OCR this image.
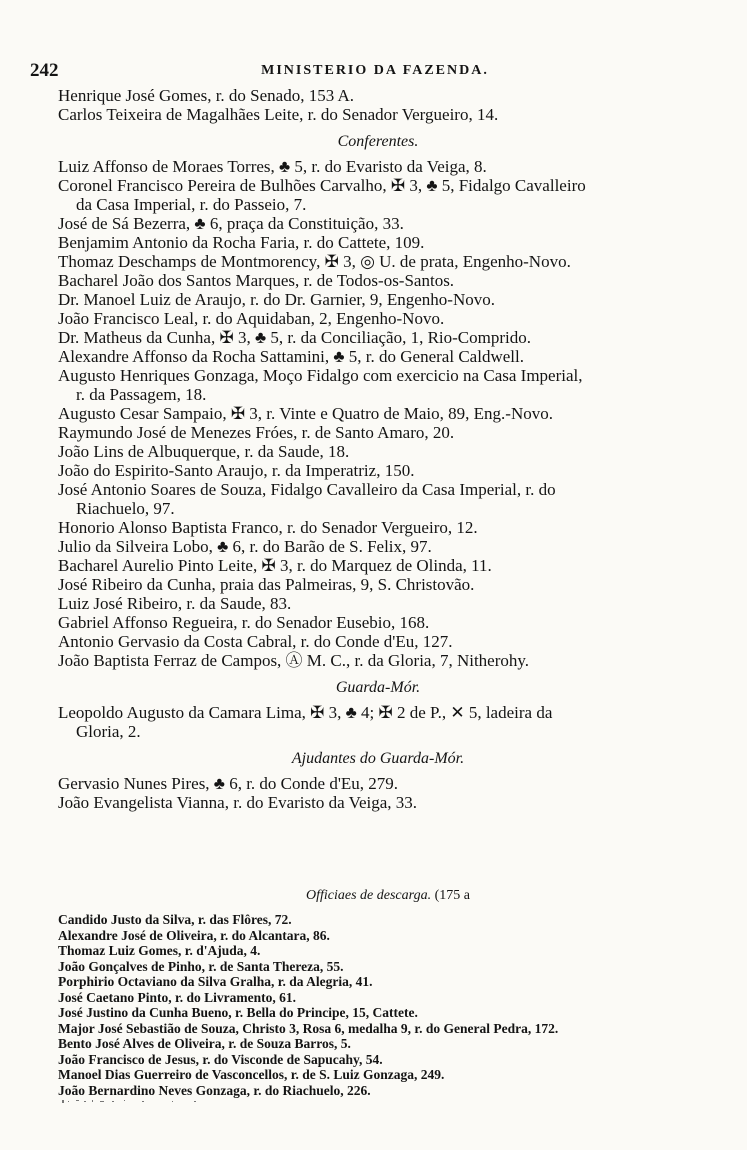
242	MINISTERIO DA FAZENDA.
Henrique José Gomes, r. do Senado, 153 A.
Carlos Teixeira de Magalhães Leite, r. do Senador Vergueiro, 14.
Conferentes.
Luiz Affonso de Moraes Torres, ♣ 5, r. do Evaristo da Veiga, 8.
Coronel Francisco Pereira de Bulhões Carvalho, ✠ 3, ♣ 5, Fidalgo Cavalleiro
da Casa Imperial, r. do Passeio, 7.
José de Sá Bezerra, ♣ 6, praça da Constituição, 33.
Benjamim Antonio da Rocha Faria, r. do Cattete, 109.
Thomaz Deschamps de Montmorency, ✠ 3, ◎ U. de prata, Engenho-Novo.
Bacharel João dos Santos Marques, r. de Todos-os-Santos.
Dr. Manoel Luiz de Araujo, r. do Dr. Garnier, 9, Engenho-Novo.
João Francisco Leal, r. do Aquidaban, 2, Engenho-Novo.
Dr. Matheus da Cunha, ✠ 3, ♣ 5, r. da Conciliação, 1, Rio-Comprido.
Alexandre Affonso da Rocha Sattamini, ♣ 5, r. do General Caldwell.
Augusto Henriques Gonzaga, Moço Fidalgo com exercicio na Casa Imperial,
r. da Passagem, 18.
Augusto Cesar Sampaio, ✠ 3, r. Vinte e Quatro de Maio, 89, Eng.-Novo.
Raymundo José de Menezes Fróes, r. de Santo Amaro, 20.
João Lins de Albuquerque, r. da Saude, 18.
João do Espirito-Santo Araujo, r. da Imperatriz, 150.
José Antonio Soares de Souza, Fidalgo Cavalleiro da Casa Imperial, r. do
Riachuelo, 97.
Honorio Alonso Baptista Franco, r. do Senador Vergueiro, 12.
Julio da Silveira Lobo, ♣ 6, r. do Barão de S. Felix, 97.
Bacharel Aurelio Pinto Leite, ✠ 3, r. do Marquez de Olinda, 11.
José Ribeiro da Cunha, praia das Palmeiras, 9, S. Christovão.
Luiz José Ribeiro, r. da Saude, 83.
Gabriel Affonso Regueira, r. do Senador Eusebio, 168.
Antonio Gervasio da Costa Cabral, r. do Conde d'Eu, 127.
João Baptista Ferraz de Campos, Ⓐ M. C., r. da Gloria, 7, Nitherohy.
Guarda-Mór.
Leopoldo Augusto da Camara Lima, ✠ 3, ♣ 4; ✠ 2 de P., ✕ 5, ladeira da
Gloria, 2.
Ajudantes do Guarda-Mór.
Gervasio Nunes Pires, ♣ 6, r. do Conde d'Eu, 279.
João Evangelista Vianna, r. do Evaristo da Veiga, 33.
Officiaes de descarga. (175 a
Candido Justo da Silva, r. das Flôres, 72.
Alexandre José de Oliveira, r. do Alcantara, 86.
Thomaz Luiz Gomes, r. d'Ajuda, 4.
João Gonçalves de Pinho, r. de Santa Thereza, 55.
Porphirio Octaviano da Silva Gralha, r. da Alegria, 41.
José Caetano Pinto, r. do Livramento, 61.
José Justino da Cunha Bueno, r. Bella do Principe, 15, Cattete.
Major José Sebastião de Souza, Christo 3, Rosa 6, medalha 9, r. do General Pedra, 172.
Bento José Alves de Oliveira, r. de Souza Barros, 5.
João Francisco de Jesus, r. do Visconde de Sapucahy, 54.
Manoel Dias Guerreiro de Vasconcellos, r. de S. Luiz Gonzaga, 249.
João Bernardino Neves Gonzaga, r. do Riachuelo, 226.
